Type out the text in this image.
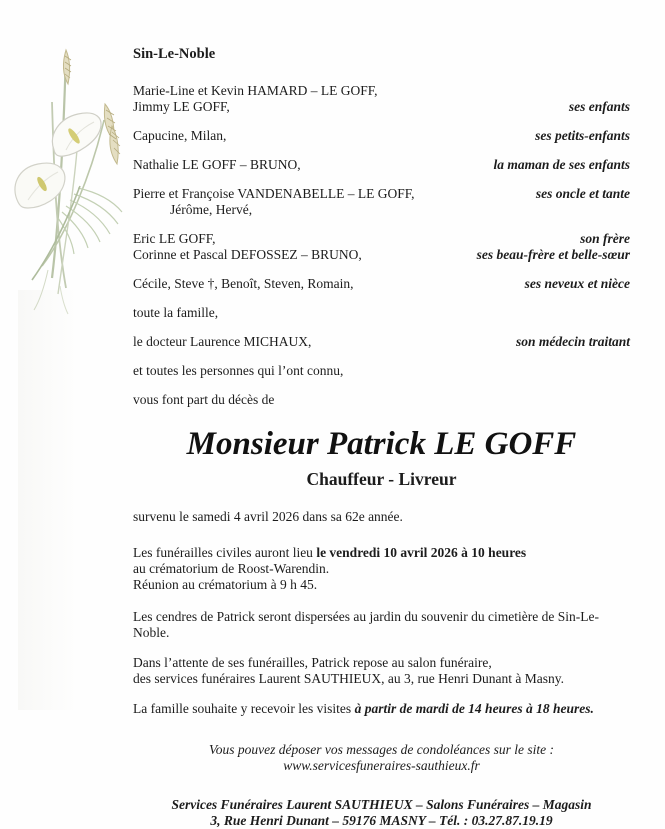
Sin-Le-Noble
Marie-Line et Kevin HAMARD – LE GOFF,
Jimmy LE GOFF,	ses enfants
Capucine, Milan,	ses petits-enfants
Nathalie LE GOFF – BRUNO,	la maman de ses enfants
Pierre et Françoise VANDENABELLE – LE GOFF,	ses oncle et tante
Jérôme, Hervé,
Eric LE GOFF,	son frère
Corinne et Pascal DEFOSSEZ – BRUNO,	ses beau-frère et belle-sœur
Cécile, Steve †, Benoît, Steven, Romain,	ses neveux et nièce
toute la famille,
le docteur Laurence MICHAUX,	son médecin traitant
et toutes les personnes qui l’ont connu,
vous font part du décès de
Monsieur Patrick LE GOFF
Chauffeur - Livreur
survenu le samedi 4 avril 2026 dans sa 62e année.
Les funérailles civiles auront lieu le vendredi 10 avril 2026 à 10 heures
au crématorium de Roost-Warendin.
Réunion au crématorium à 9 h 45.
Les cendres de Patrick seront dispersées au jardin du souvenir du cimetière de Sin-Le-Noble.
Dans l’attente de ses funérailles, Patrick repose au salon funéraire,
des services funéraires Laurent SAUTHIEUX, au 3, rue Henri Dunant à Masny.
La famille souhaite y recevoir les visites à partir de mardi de 14 heures à 18 heures.
Vous pouvez déposer vos messages de condoléances sur le site :
www.servicesfuneraires-sauthieux.fr
Services Funéraires Laurent SAUTHIEUX – Salons Funéraires – Magasin
3, Rue Henri Dunant – 59176 MASNY – Tél. : 03.27.87.19.19
